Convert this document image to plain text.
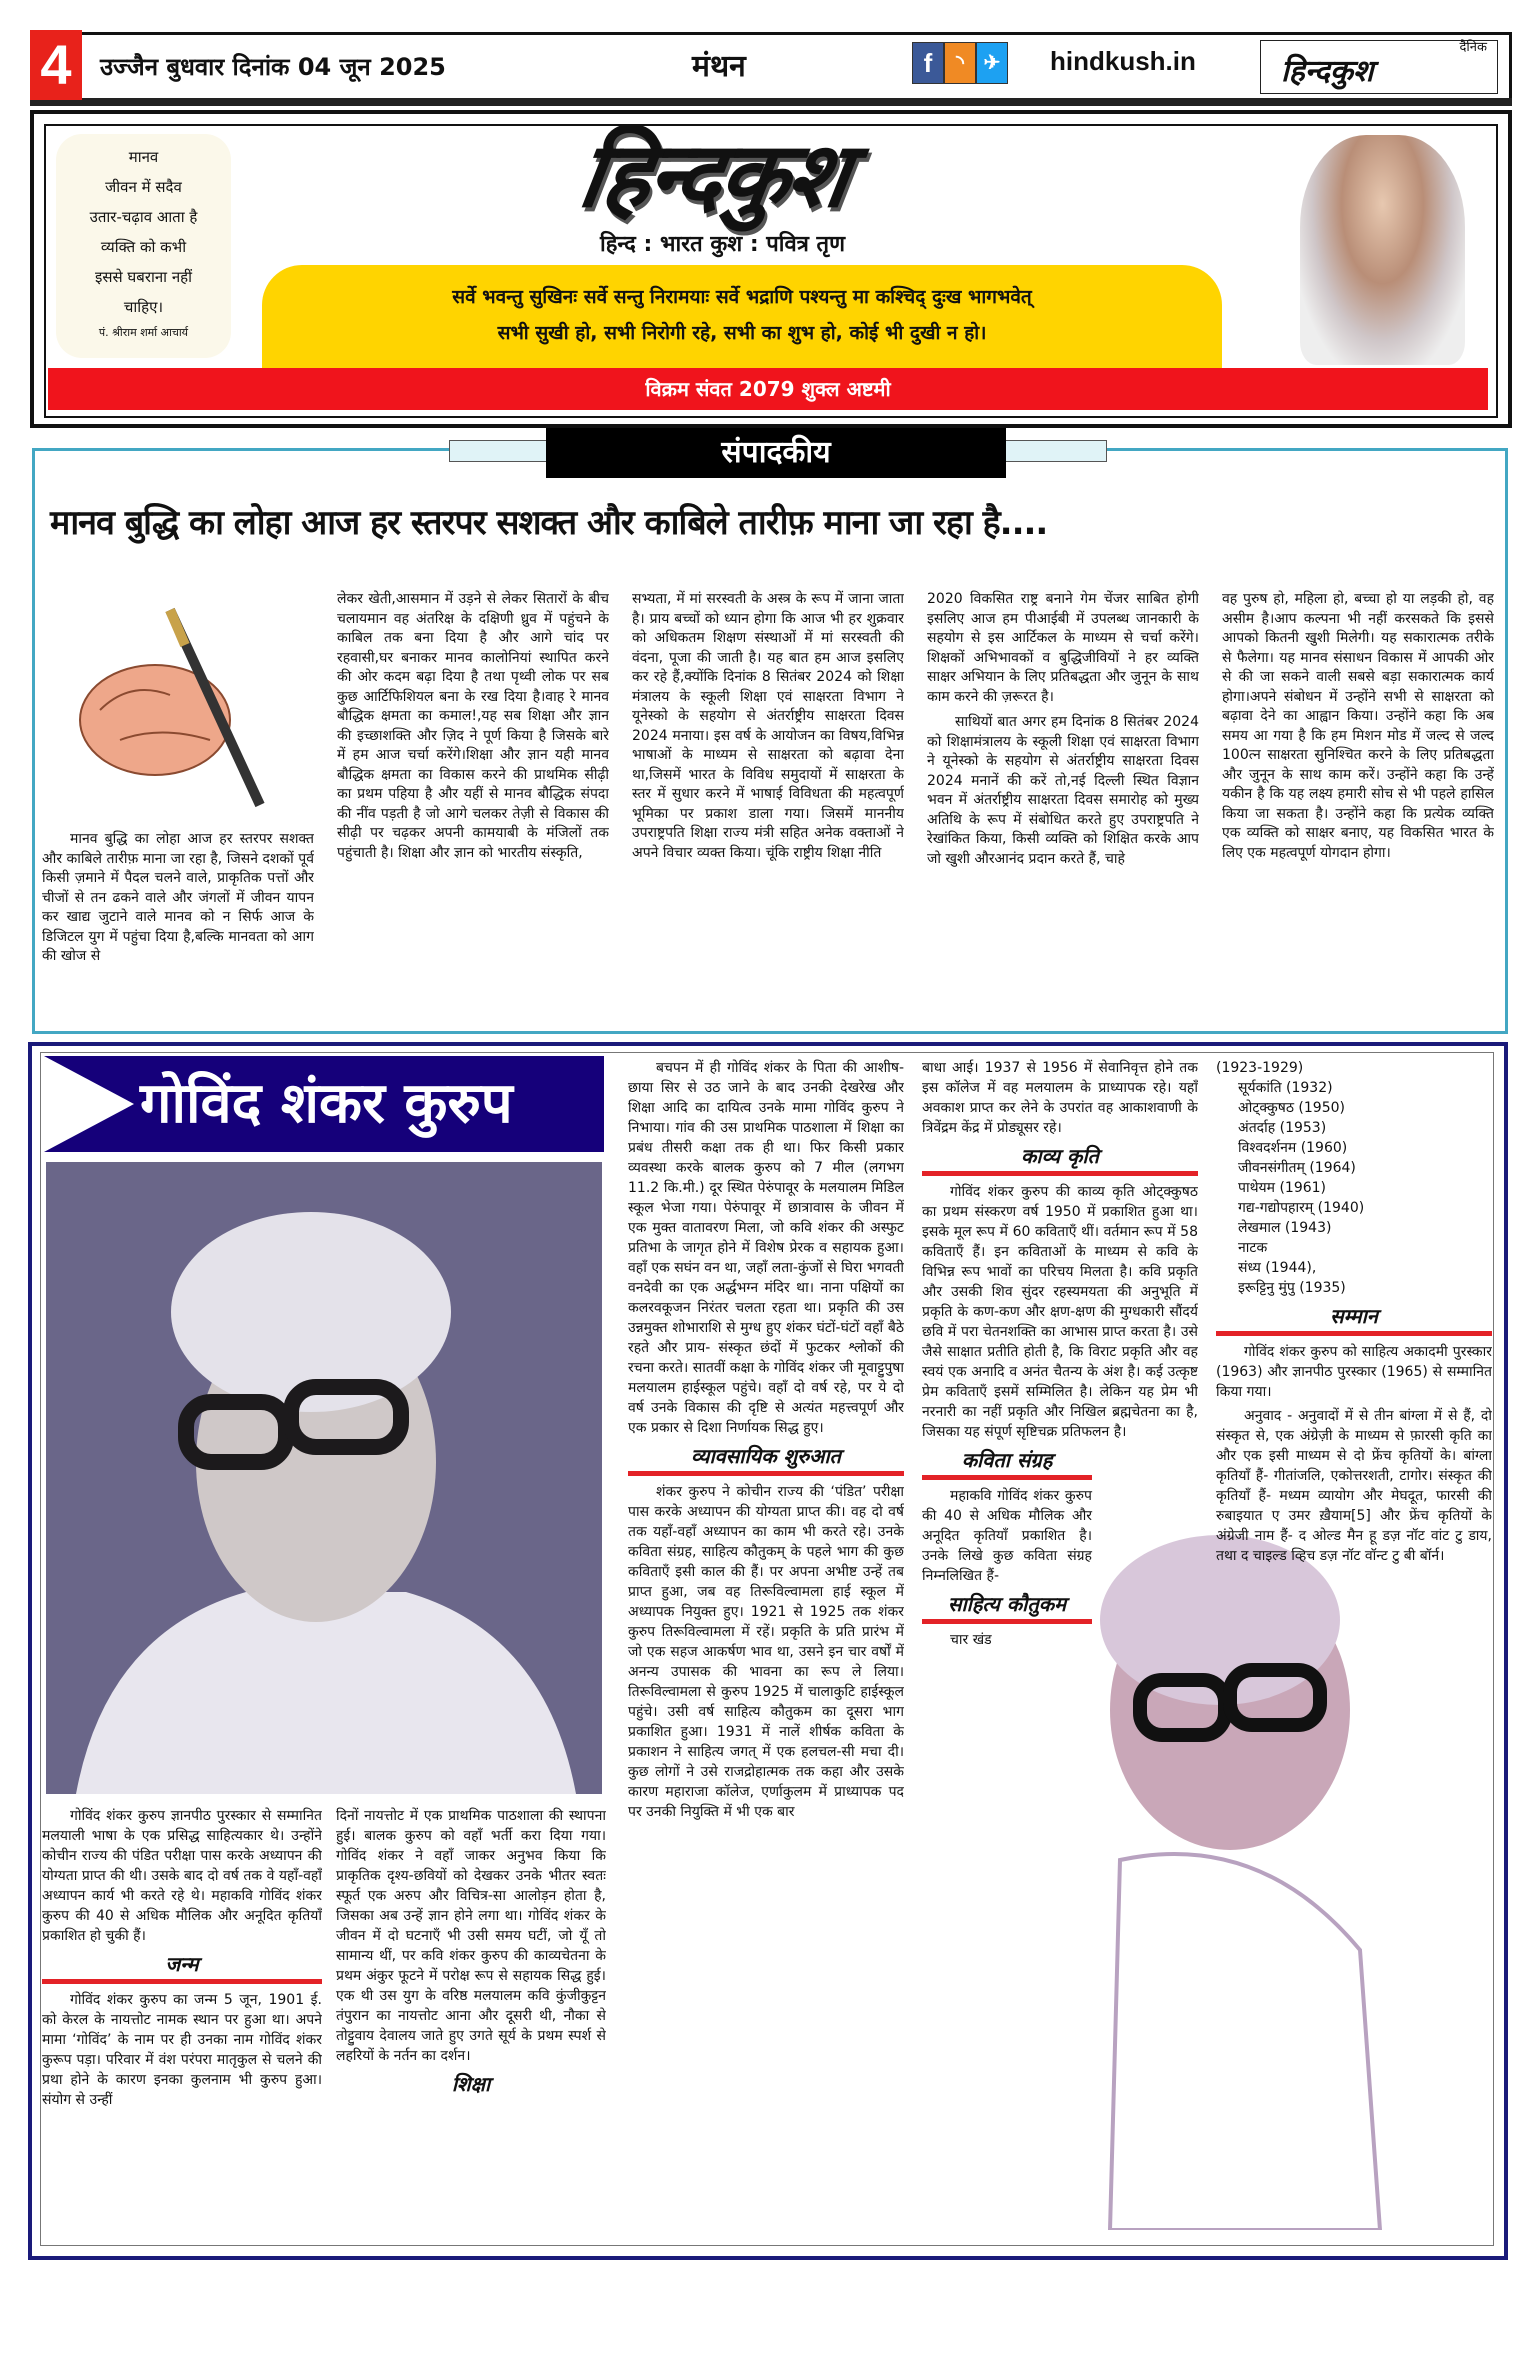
4	उज्जैन बुधवार दिनांक 04 जून 2025	मंथन	f	◝ ✈ hindkush.in	दैनिक
हिन्दकुश

मानव

जीवन में सदैव

उतार-चढ़ाव आता है

व्यक्ति को कभी

इससे घबराना नहीं

चाहिए।

पं. श्रीराम शर्मा आचार्य

हिन्दकुश
हिन्द : भारत कुश : पवित्र तृण

सर्वे भवन्तु सुखिनः सर्वे सन्तु निरामयाः सर्वे भद्राणि पश्यन्तु मा कश्चिद् दुःख भागभवेत्

सभी सुखी हो, सभी निरोगी रहे, सभी का शुभ हो, कोई भी दुखी न हो।

विक्रम संवत 2079 शुक्ल अष्टमी
संपादकीय
मानव बुद्धि का लोहा आज हर स्तरपर सशक्त और काबिले तारीफ़ माना जा रहा है....

मानव बुद्धि का लोहा आज हर स्तरपर सशक्त और काबिले तारीफ़ माना जा रहा है, जिसने दशकों पूर्व किसी ज़माने में पैदल चलने वाले, प्राकृतिक पत्तों और चीजों से तन ढकने वाले और जंगलों में जीवन यापन कर खाद्य जुटाने वाले मानव को न सिर्फ आज के डिजिटल युग में पहुंचा दिया है,बल्कि मानवता को आग की खोज से

लेकर खेती,आसमान में उड़ने से लेकर सितारों के बीच चलायमान वह अंतरिक्ष के दक्षिणी ध्रुव में पहुंचने के काबिल तक बना दिया है और आगे चांद पर रहवासी,घर बनाकर मानव कालोनियां स्थापित करने की ओर कदम बढ़ा दिया है तथा पृथ्वी लोक पर सब कुछ आर्टिफिशियल बना के रख दिया है।वाह रे मानव बौद्धिक क्षमता का कमाल!,यह सब शिक्षा और ज्ञान की इच्छाशक्ति और ज़िद ने पूर्ण किया है जिसके बारे में हम आज चर्चा करेंगे।शिक्षा और ज्ञान यही मानव बौद्धिक क्षमता का विकास करने की प्राथमिक सीढ़ी का प्रथम पहिया है और यहीं से मानव बौद्धिक संपदा की नींव पड़ती है जो आगे चलकर तेज़ी से विकास की सीढ़ी पर चढ़कर अपनी कामयाबी के मंजिलों तक पहुंचाती है। शिक्षा और ज्ञान को भारतीय संस्कृति,

सभ्यता, में मां सरस्वती के अस्त्र के रूप में जाना जाता है। प्राय बच्चों को ध्यान होगा कि आज भी हर शुक्रवार को अधिकतम शिक्षण संस्थाओं में मां सरस्वती की वंदना, पूजा की जाती है। यह बात हम आज इसलिए कर रहे हैं,क्योंकि दिनांक 8 सितंबर 2024 को शिक्षा मंत्रालय के स्कूली शिक्षा एवं साक्षरता विभाग ने यूनेस्को के सहयोग से अंतर्राष्ट्रीय साक्षरता दिवस 2024 मनाया। इस वर्ष के आयोजन का विषय,विभिन्न भाषाओं के माध्यम से साक्षरता को बढ़ावा देना था,जिसमें भारत के विविध समुदायों में साक्षरता के स्तर में सुधार करने में भाषाई विविधता की महत्वपूर्ण भूमिका पर प्रकाश डाला गया। जिसमें माननीय उपराष्ट्रपति शिक्षा राज्य मंत्री सहित अनेक वक्ताओं ने अपने विचार व्यक्त किया। चूंकि राष्ट्रीय शिक्षा नीति

2020 विकसित राष्ट्र बनाने गेम चेंजर साबित होगी इसलिए आज हम पीआईबी में उपलब्ध जानकारी के सहयोग से इस आर्टिकल के माध्यम से चर्चा करेंगे।शिक्षकों अभिभावकों व बुद्धिजीवियों ने हर व्यक्ति साक्षर अभियान के लिए प्रतिबद्धता और जुनून के साथ काम करने की ज़रूरत है।

साथियों बात अगर हम दिनांक 8 सितंबर 2024 को शिक्षामंत्रालय के स्कूली शिक्षा एवं साक्षरता विभाग ने यूनेस्को के सहयोग से अंतर्राष्ट्रीय साक्षरता दिवस 2024 मनानें की करें तो,नई दिल्ली स्थित विज्ञान भवन में अंतर्राष्ट्रीय साक्षरता दिवस समारोह को मुख्य अतिथि के रूप में संबोधित करते हुए उपराष्ट्रपति ने रेखांकित किया, किसी व्यक्ति को शिक्षित करके आप जो खुशी औरआनंद प्रदान करते हैं, चाहे

वह पुरुष हो, महिला हो, बच्चा हो या लड़की हो, वह असीम है।आप कल्पना भी नहीं करसकते कि इससे आपको कितनी खुशी मिलेगी। यह सकारात्मक तरीके से फैलेगा। यह मानव संसाधन विकास में आपकी ओर से की जा सकने वाली सबसे बड़ा सकारात्मक कार्य होगा।अपने संबोधन में उन्होंने सभी से साक्षरता को बढ़ावा देने का आह्वान किया। उन्होंने कहा कि अब समय आ गया है कि हम मिशन मोड में जल्द से जल्द 100त्न साक्षरता सुनिश्चित करने के लिए प्रतिबद्धता और जुनून के साथ काम करें। उन्होंने कहा कि उन्हें यकीन है कि यह लक्ष्य हमारी सोच से भी पहले हासिल किया जा सकता है। उन्होंने कहा कि प्रत्येक व्यक्ति एक व्यक्ति को साक्षर बनाए, यह विकसित भारत के लिए एक महत्वपूर्ण योगदान होगा।

गोविंद शंकर कुरुप

गोविंद शंकर कुरुप ज्ञानपीठ पुरस्कार से सम्मानित मलयाली भाषा के एक प्रसिद्ध साहित्यकार थे। उन्होंने कोचीन राज्य की पंडित परीक्षा पास करके अध्यापन की योग्यता प्राप्त की थी। उसके बाद दो वर्ष तक वे यहाँ-वहाँ अध्यापन कार्य भी करते रहे थे। महाकवि गोविंद शंकर कुरुप की 40 से अधिक मौलिक और अनूदित कृतियाँ प्रकाशित हो चुकी हैं।

जन्म

गोविंद शंकर कुरुप का जन्म 5 जून, 1901 ई. को केरल के नायत्तोट नामक स्थान पर हुआ था। अपने मामा ‘गोविंद’ के नाम पर ही उनका नाम गोविंद शंकर कुरूप पड़ा। परिवार में वंश परंपरा मातृकुल से चलने की प्रथा होने के कारण इनका कुलनाम भी कुरुप हुआ। संयोग से उन्हीं

दिनों नायत्तोट में एक प्राथमिक पाठशाला की स्थापना हुई। बालक कुरुप को वहाँ भर्ती करा दिया गया। गोविंद शंकर ने वहाँ जाकर अनुभव किया कि प्राकृतिक दृश्य-छवियों को देखकर उनके भीतर स्वतः स्फूर्त एक अरुप और विचित्र-सा आलोड़न होता है, जिसका अब उन्हें ज्ञान होने लगा था। गोविंद शंकर के जीवन में दो घटनाएँ भी उसी समय घटीं, जो यूँ तो सामान्य थीं, पर कवि शंकर कुरुप की काव्यचेतना के प्रथम अंकुर फूटने में परोक्ष रूप से सहायक सिद्ध हुई। एक थी उस युग के वरिष्ठ मलयालम कवि कुंजीकुट्टन तंपुरान का नायत्तोट आना और दूसरी थी, नौका से तोट्टुवाय देवालय जाते हुए उगते सूर्य के प्रथम स्पर्श से लहरियों के नर्तन का दर्शन।

शिक्षा

बचपन में ही गोविंद शंकर के पिता की आशीष-छाया सिर से उठ जाने के बाद उनकी देखरेख और शिक्षा आदि का दायित्व उनके मामा गोविंद कुरुप ने निभाया। गांव की उस प्राथमिक पाठशाला में शिक्षा का प्रबंध तीसरी कक्षा तक ही था। फिर किसी प्रकार व्यवस्था करके बालक कुरुप को 7 मील (लगभग 11.2 कि.मी.) दूर स्थित पेरुंपावूर के मलयालम मिडिल स्कूल भेजा गया। पेरुंपावूर में छात्रावास के जीवन में एक मुक्त वातावरण मिला, जो कवि शंकर की अस्फुट प्रतिभा के जागृत होने में विशेष प्रेरक व सहायक हुआ। वहाँ एक सघंन वन था, जहाँ लता-कुंजों से घिरा भगवती वनदेवी का एक अर्द्धभग्न मंदिर था। नाना पक्षियों का कलरवकूजन निरंतर चलता रहता था। प्रकृति की उस उन्नमुक्त शोभाराशि से मुग्ध हुए शंकर घंटों-घंटों वहाँ बैठे रहते और प्राय- संस्कृत छंदों में फुटकर श्लोकों की रचना करते। सातवीं कक्षा के गोविंद शंकर जी मूवाट्टुपुषा मलयालम हाईस्कूल पहुंचे। वहाँ दो वर्ष रहे, पर ये दो वर्ष उनके विकास की दृष्टि से अत्यंत महत्त्वपूर्ण और एक प्रकार से दिशा निर्णायक सिद्ध हुए।

व्यावसायिक शुरुआत

शंकर कुरुप ने कोचीन राज्य की ‘पंडित’ परीक्षा पास करके अध्यापन की योग्यता प्राप्त की। वह दो वर्ष तक यहाँ-वहाँ अध्यापन का काम भी करते रहे। उनके कविता संग्रह, साहित्य कौतुकम् के पहले भाग की कुछ कविताएँ इसी काल की हैं। पर अपना अभीष्ट उन्हें तब प्राप्त हुआ, जब वह तिरूविल्वामला हाई स्कूल में अध्यापक नियुक्त हुए। 1921 से 1925 तक शंकर कुरुप तिरूविल्वामला में रहें। प्रकृति के प्रति प्रारंभ में जो एक सहज आकर्षण भाव था, उसने इन चार वर्षों में अनन्य उपासक की भावना का रूप ले लिया। तिरूविल्वामला से कुरुप 1925 में चालाकुटि हाईस्कूल पहुंचे। उसी वर्ष साहित्य कौतुकम का दूसरा भाग प्रकाशित हुआ। 1931 में नालें शीर्षक कविता के प्रकाशन ने साहित्य जगत् में एक हलचल-सी मचा दी। कुछ लोगों ने उसे राजद्रोहात्मक तक कहा और उसके कारण महाराजा कॉलेज, एर्णाकुलम में प्राध्यापक पद पर उनकी नियुक्ति में भी एक बार

बाधा आई। 1937 से 1956 में सेवानिवृत्त होने तक इस कॉलेज में वह मलयालम के प्राध्यापक रहे। यहाँ अवकाश प्राप्त कर लेने के उपरांत वह आकाशवाणी के त्रिवेंद्रम केंद्र में प्रोड्यूसर रहे।

काव्य कृति

गोविंद शंकर कुरुप की काव्य कृति ओट्क्कुषठ का प्रथम संस्करण वर्ष 1950 में प्रकाशित हुआ था। इसके मूल रूप में 60 कविताएँ थीं। वर्तमान रूप में 58 कविताएँ हैं। इन कविताओं के माध्यम से कवि के विभिन्न रूप भावों का परिचय मिलता है। कवि प्रकृति और उसकी शिव सुंदर रहस्यमयता की अनुभूति में प्रकृति के कण-कण और क्षण-क्षण की मुग्धकारी सौंदर्य छवि में परा चेतनशक्ति का आभास प्राप्त करता है। उसे जैसे साक्षात प्रतीति होती है, कि विराट प्रकृति और वह स्वयं एक अनादि व अनंत चैतन्य के अंश है। कई उत्कृष्ट प्रेम कविताएँ इसमें सम्मिलित है। लेकिन यह प्रेम भी नरनारी का नहीं प्रकृति और निखिल ब्रह्मचेतना का है, जिसका यह संपूर्ण सृष्टिचक्र प्रतिफलन है।

कविता संग्रह

महाकवि गोविंद शंकर कुरुप की 40 से अधिक मौलिक और अनूदित कृतियाँ प्रकाशित है। उनके लिखे कुछ कविता संग्रह निम्नलिखित हैं-

साहित्य कौतुकम

चार खंड

(1923-1929)

सूर्यकांति (1932)

ओट्क्कुषठ (1950)

अंतर्दाह (1953)

विश्वदर्शनम (1960)

जीवनसंगीतम् (1964)

पाथेयम (1961)

गद्य-गद्योपहारम् (1940)

लेखमाल (1943)

नाटक

संध्य (1944),

इरूट्टिनु मुंपु (1935)

सम्मान

गोविंद शंकर कुरुप को साहित्य अकादमी पुरस्कार (1963) और ज्ञानपीठ पुरस्कार (1965) से सम्मानित किया गया।

अनुवाद - अनुवादों में से तीन बांग्ला में से हैं, दो संस्कृत से, एक अंग्रेज़ी के माध्यम से फ़ारसी कृति का और एक इसी माध्यम से दो फ्रेंच कृतियों के। बांग्ला कृतियाँ हैं- गीतांजलि, एकोत्तरशती, टागोर। संस्कृत की कृतियाँ हैं- मध्यम व्यायोग और मेघदूत, फारसी की रुबाइयात ए उमर ख़ैयाम[5] और फ्रेंच कृतियों के अंग्रेजी नाम हैं- द ओल्ड मैन हू डज़ नॉट वांट टु डाय, तथा द चाइल्ड व्हिच डज़ नॉट वॉन्ट टु बी बॉर्न।
